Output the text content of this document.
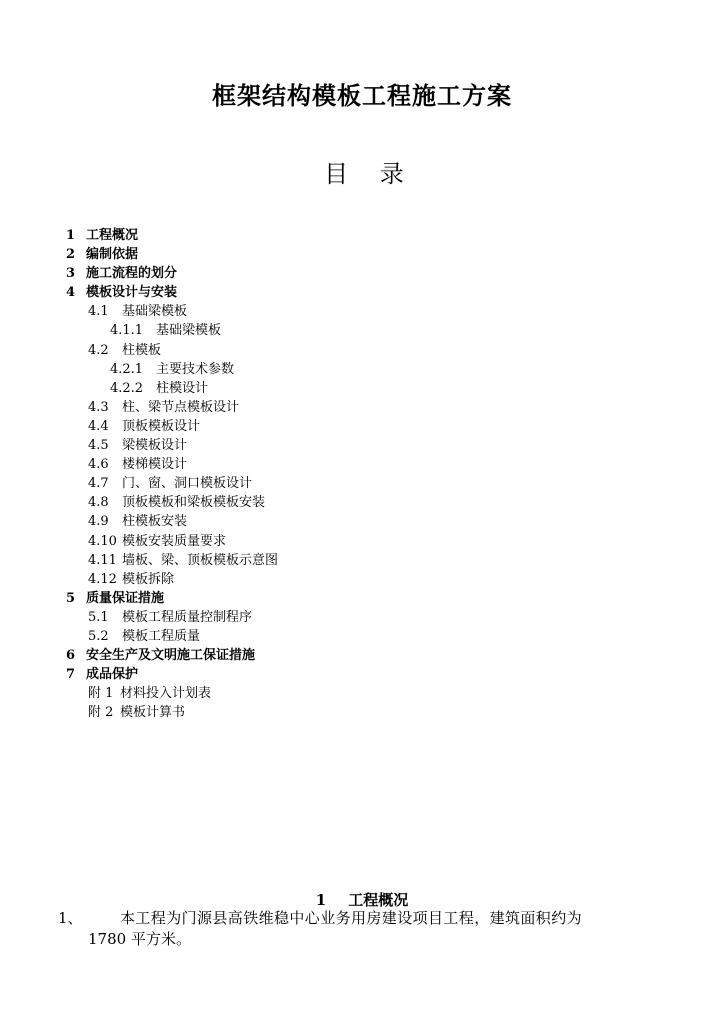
框架结构模板工程施工方案
目 录
1 工程概况
2 编制依据
3 施工流程的划分
4 模板设计与安装
4.1 基础梁模板
4.1.1 基础梁模板
4.2 柱模板
4.2.1 主要技术参数
4.2.2 柱模设计
4.3 柱、梁节点模板设计
4.4 顶板模板设计
4.5 梁模板设计
4.6 楼梯模设计
4.7 门、窗、洞口模板设计
4.8 顶板模板和梁板模板安装
4.9 柱模板安装
4.10 模板安装质量要求
4.11 墙板、梁、顶板模板示意图
4.12 模板拆除
5 质量保证措施
5.1 模板工程质量控制程序
5.2 模板工程质量
6 安全生产及文明施工保证措施
7 成品保护
附 1 材料投入计划表
附 2 模板计算书
1 工程概况
1、 本工程为门源县高铁维稳中心业务用房建设项目工程，建筑面积约为
1780 平方米。
